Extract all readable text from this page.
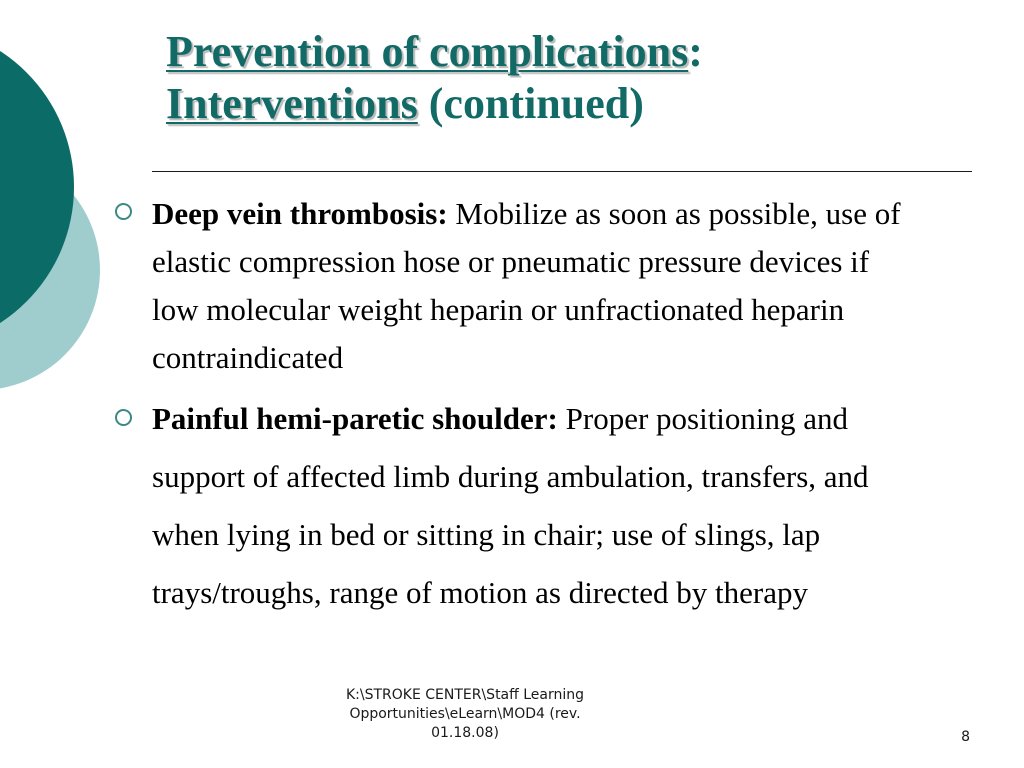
Prevention of complications:
Interventions (continued)
Deep vein thrombosis: Mobilize as soon as possible, use of elastic compression hose or pneumatic pressure devices if low molecular weight heparin or unfractionated heparin contraindicated
Painful hemi-paretic shoulder: Proper positioning and support of affected limb during ambulation, transfers, and when lying in bed or sitting in chair; use of slings, lap trays/troughs, range of motion as directed by therapy
K:\STROKE CENTER\Staff Learning Opportunities\eLearn\MOD4 (rev. 01.18.08)	8
